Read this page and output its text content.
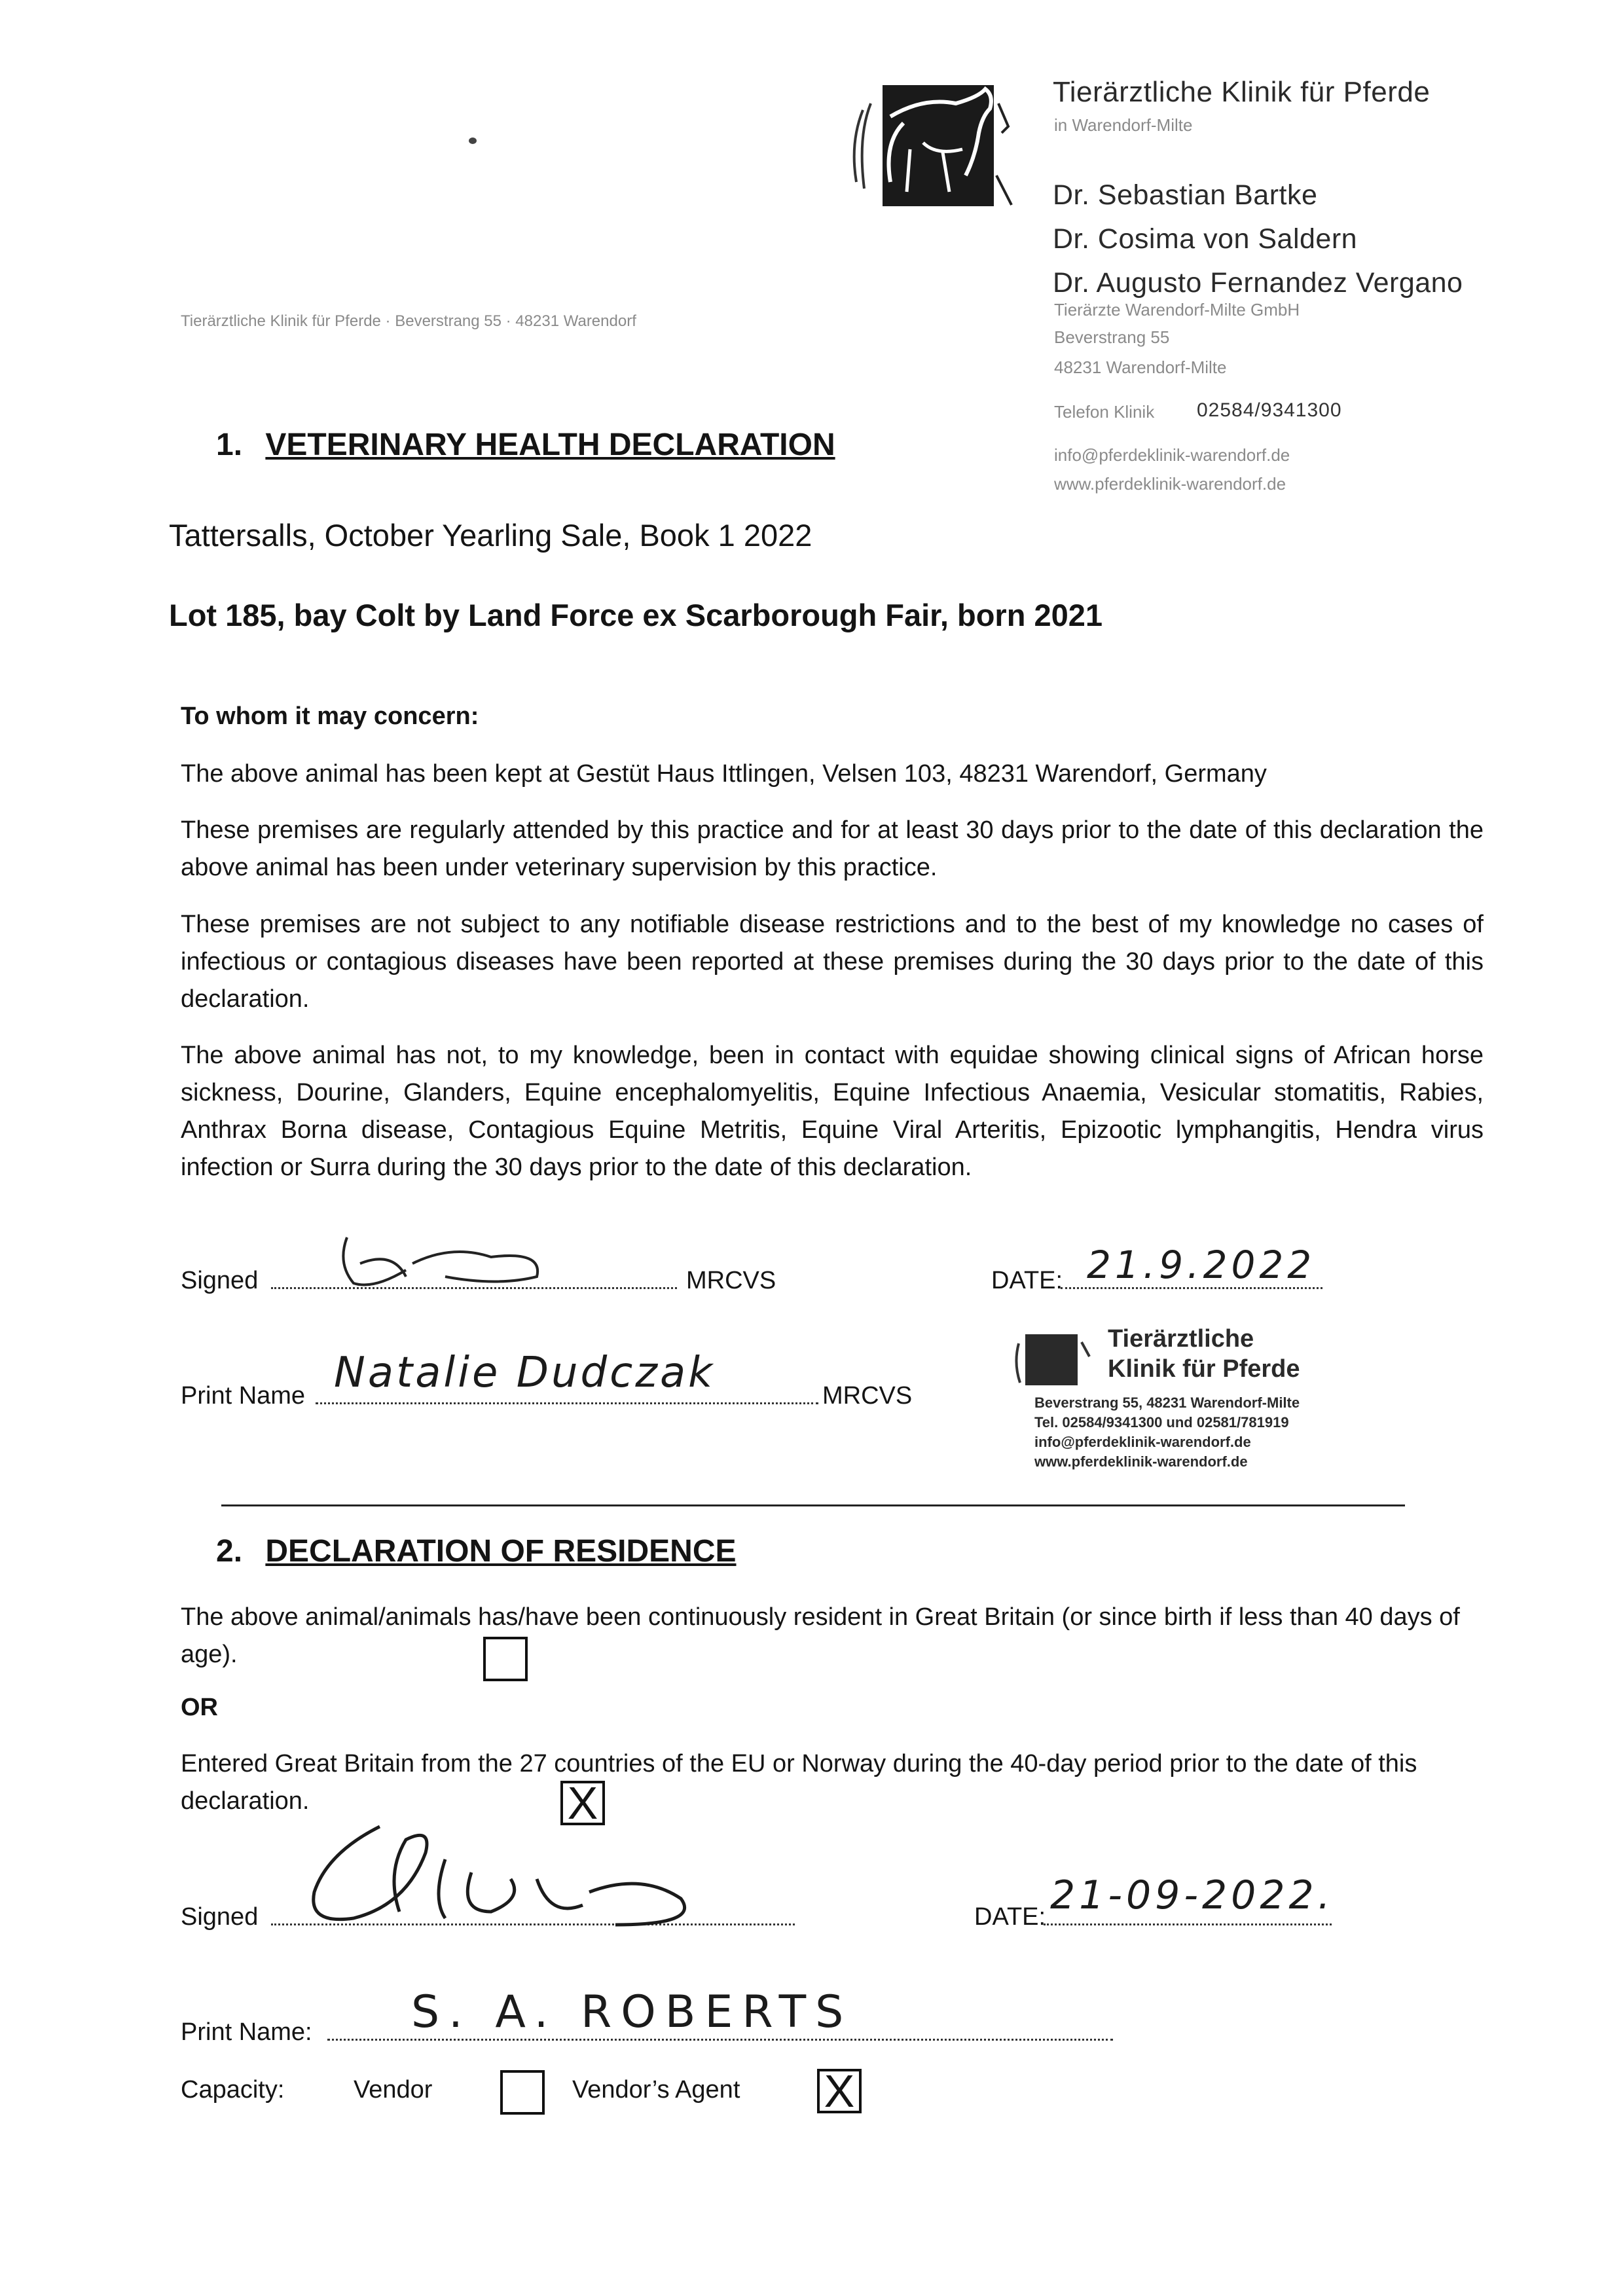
Tierärztliche Klinik für Pferde
in Warendorf-Milte
Dr. Sebastian Bartke
Dr. Cosima von Saldern
Dr. Augusto Fernandez Vergano
Tierärzte Warendorf-Milte GmbH
Beverstrang 55
48231 Warendorf-Milte
Telefon Klinik 02584/9341300
info@pferdeklinik-warendorf.de
www.pferdeklinik-warendorf.de
Tierärztliche Klinik für Pferde · Beverstrang 55 · 48231 Warendorf
1. VETERINARY HEALTH DECLARATION
Tattersalls, October Yearling Sale, Book 1 2022
Lot 185, bay Colt by Land Force ex Scarborough Fair, born 2021
To whom it may concern:
The above animal has been kept at Gestüt Haus Ittlingen, Velsen 103, 48231 Warendorf, Germany
These premises are regularly attended by this practice and for at least 30 days prior to the date of this declaration the above animal has been under veterinary supervision by this practice.
These premises are not subject to any notifiable disease restrictions and to the best of my knowledge no cases of infectious or contagious diseases have been reported at these premises during the 30 days prior to the date of this declaration.
The above animal has not, to my knowledge, been in contact with equidae showing clinical signs of African horse sickness, Dourine, Glanders, Equine encephalomyelitis, Equine Infectious Anaemia, Vesicular stomatitis, Rabies, Anthrax Borna disease, Contagious Equine Metritis, Equine Viral Arteritis, Epizootic lymphangitis, Hendra virus infection or Surra during the 30 days prior to the date of this declaration.
Signed	MRCVS	DATE: 21.9.2022
Print Name Natalie Dudczak	MRCVS
Tierärztliche
Klinik für Pferde
Beverstrang 55, 48231 Warendorf-Milte
Tel. 02584/9341300 und 02581/781919
info@pferdeklinik-warendorf.de
www.pferdeklinik-warendorf.de
2. DECLARATION OF RESIDENCE
The above animal/animals has/have been continuously resident in Great Britain (or since birth if less than 40 days of age).
OR
Entered Great Britain from the 27 countries of the EU or Norway during the 40-day period prior to the date of this declaration.	X
Signed	DATE: 21-09-2022.
Print Name: S. A. ROBERTS
Capacity:	Vendor	Vendor’s Agent X
